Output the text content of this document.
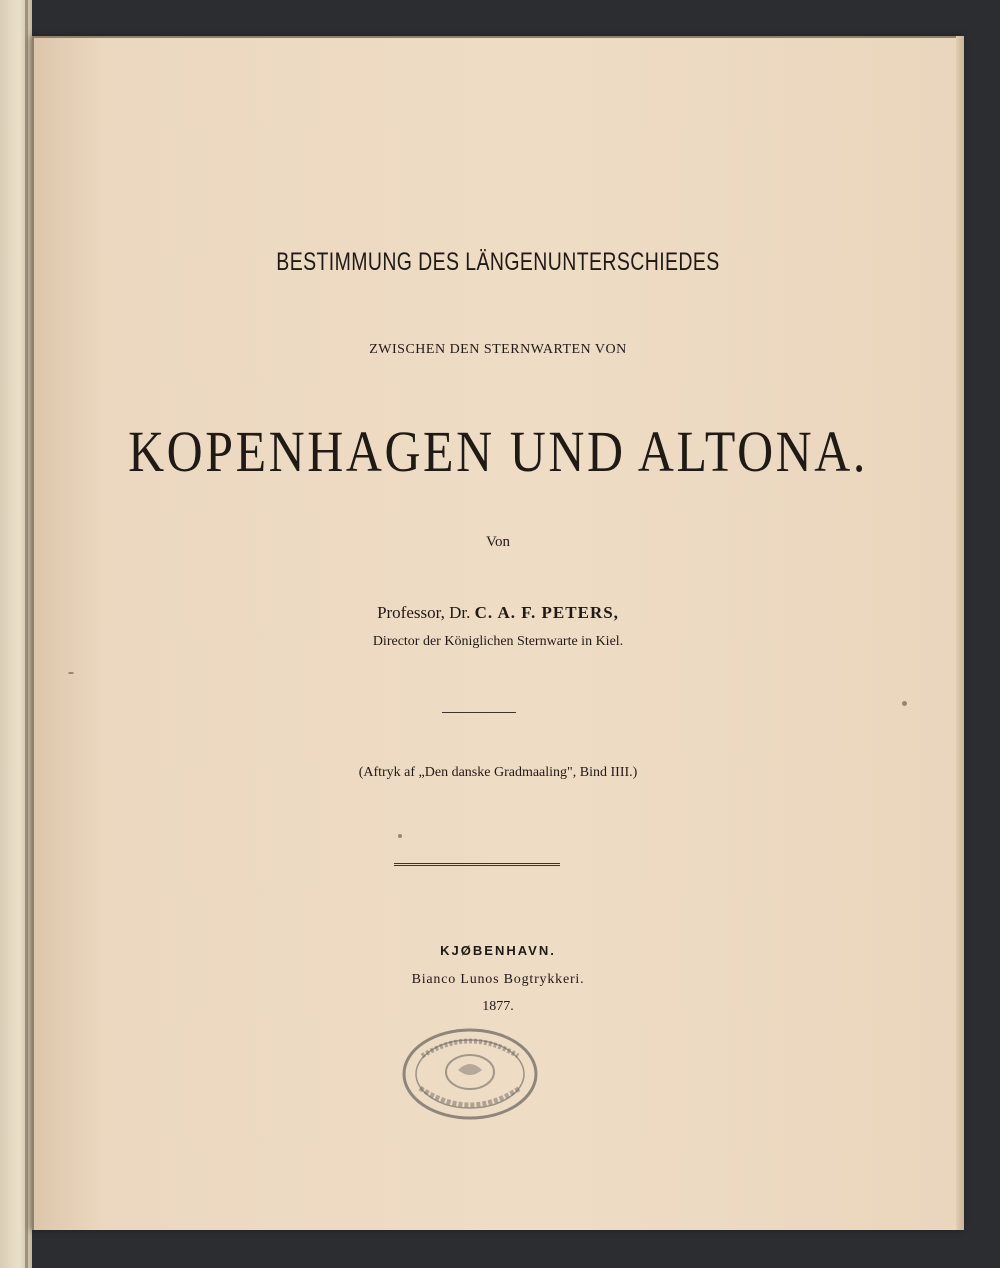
BESTIMMUNG DES LÄNGENUNTERSCHIEDES
ZWISCHEN DEN STERNWARTEN VON
KOPENHAGEN UND ALTONA.
Von
Professor, Dr. C. A. F. PETERS,
Director der Königlichen Sternwarte in Kiel.
(Aftryk af „Den danske Gradmaaling", Bind IIII.)
KJØBENHAVN.
Bianco Lunos Bogtrykkeri.
1877.
